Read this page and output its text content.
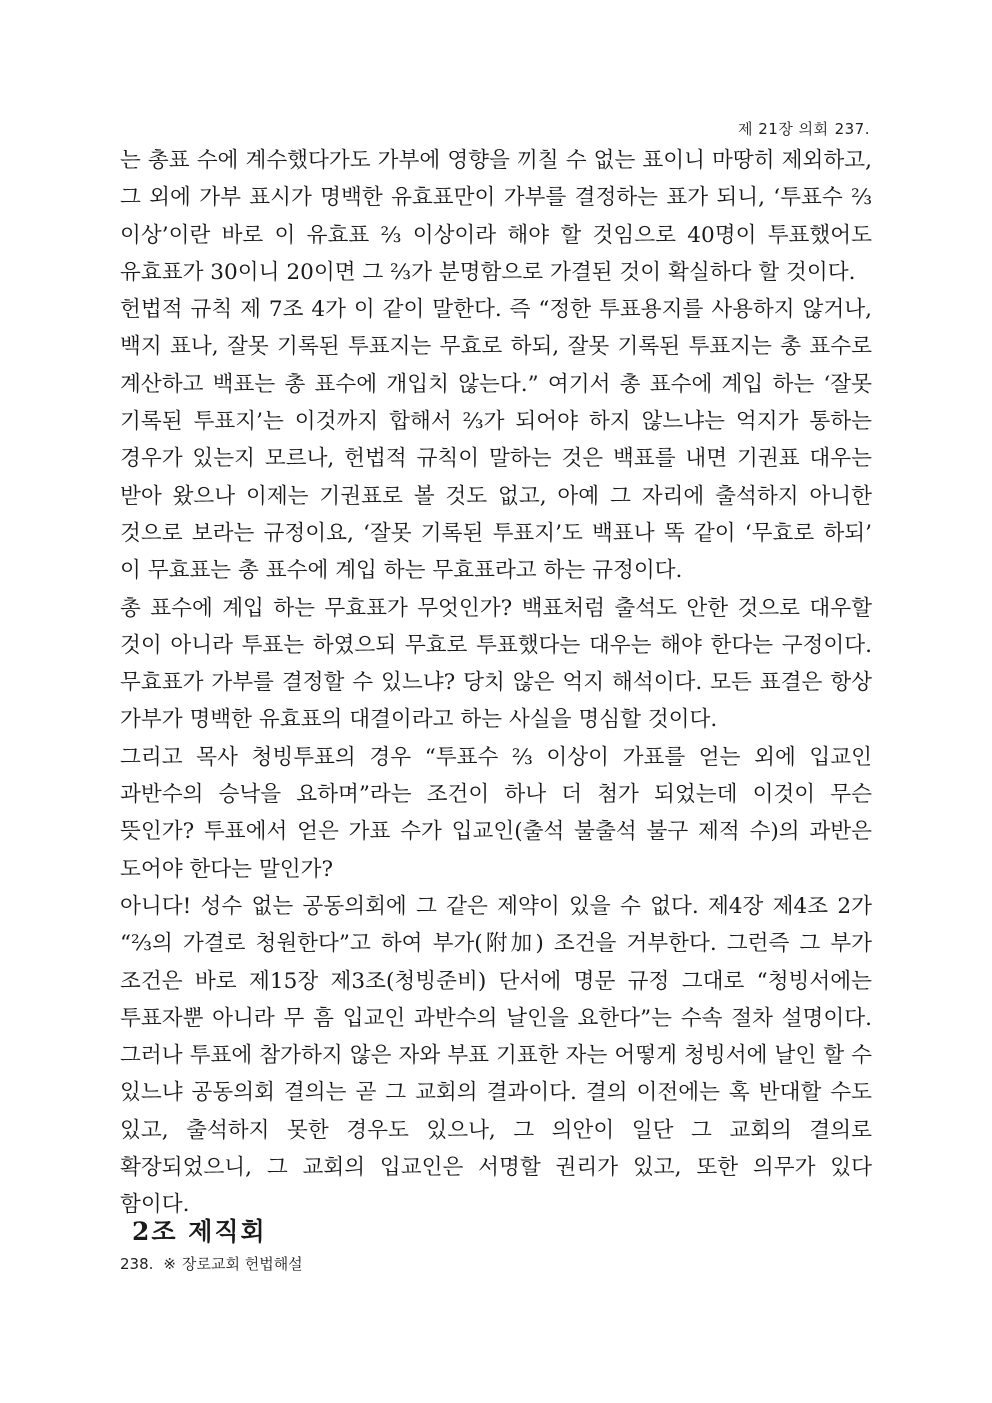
제 21장 의회 237.

는 총표 수에 계수했다가도 가부에 영향을 끼칠 수 없는 표이니 마땅히 제외하고, 그 외에 가부 표시가 명백한 유효표만이 가부를 결정하는 표가 되니, ‘투표수 ⅔ 이상’이란 바로 이 유효표 ⅔ 이상이라 해야 할 것임으로 40명이 투표했어도 유효표가 30이니 20이면 그 ⅔가 분명함으로 가결된 것이 확실하다 할 것이다.

헌법적 규칙 제 7조 4가 이 같이 말한다. 즉 “정한 투표용지를 사용하지 않거나, 백지 표나, 잘못 기록된 투표지는 무효로 하되, 잘못 기록된 투표지는 총 표수로 계산하고 백표는 총 표수에 개입치 않는다.” 여기서 총 표수에 계입 하는 ‘잘못 기록된 투표지’는 이것까지 합해서 ⅔가 되어야 하지 않느냐는 억지가 통하는 경우가 있는지 모르나, 헌법적 규칙이 말하는 것은 백표를 내면 기권표 대우는 받아 왔으나 이제는 기권표로 볼 것도 없고, 아예 그 자리에 출석하지 아니한 것으로 보라는 규정이요, ‘잘못 기록된 투표지’도 백표나 똑 같이 ‘무효로 하되’ 이 무효표는 총 표수에 계입 하는 무효표라고 하는 규정이다.

총 표수에 계입 하는 무효표가 무엇인가? 백표처럼 출석도 안한 것으로 대우할 것이 아니라 투표는 하였으되 무효로 투표했다는 대우는 해야 한다는 구정이다. 무효표가 가부를 결정할 수 있느냐? 당치 않은 억지 해석이다. 모든 표결은 항상 가부가 명백한 유효표의 대결이라고 하는 사실을 명심할 것이다.

그리고 목사 청빙투표의 경우 “투표수 ⅔ 이상이 가표를 얻는 외에 입교인 과반수의 승낙을 요하며”라는 조건이 하나 더 첨가 되었는데 이것이 무슨 뜻인가? 투표에서 얻은 가표 수가 입교인(출석 불출석 불구 제적 수)의 과반은 도어야 한다는 말인가?

아니다! 성수 없는 공동의회에 그 같은 제약이 있을 수 없다. 제4장 제4조 2가 “⅔의 가결로 청원한다”고 하여 부가(附加) 조건을 거부한다. 그런즉 그 부가 조건은 바로 제15장 제3조(청빙준비) 단서에 명문 규정 그대로 “청빙서에는 투표자뿐 아니라 무 흠 입교인 과반수의 날인을 요한다”는 수속 절차 설명이다. 그러나 투표에 참가하지 않은 자와 부표 기표한 자는 어떻게 청빙서에 날인 할 수 있느냐 공동의회 결의는 곧 그 교회의 결과이다. 결의 이전에는 혹 반대할 수도 있고, 출석하지 못한 경우도 있으나, 그 의안이 일단 그 교회의 결의로 확장되었으니, 그 교회의 입교인은 서명할 권리가 있고, 또한 의무가 있다 함이다.

2조 제직회
238. ※ 장로교회 헌법해설
